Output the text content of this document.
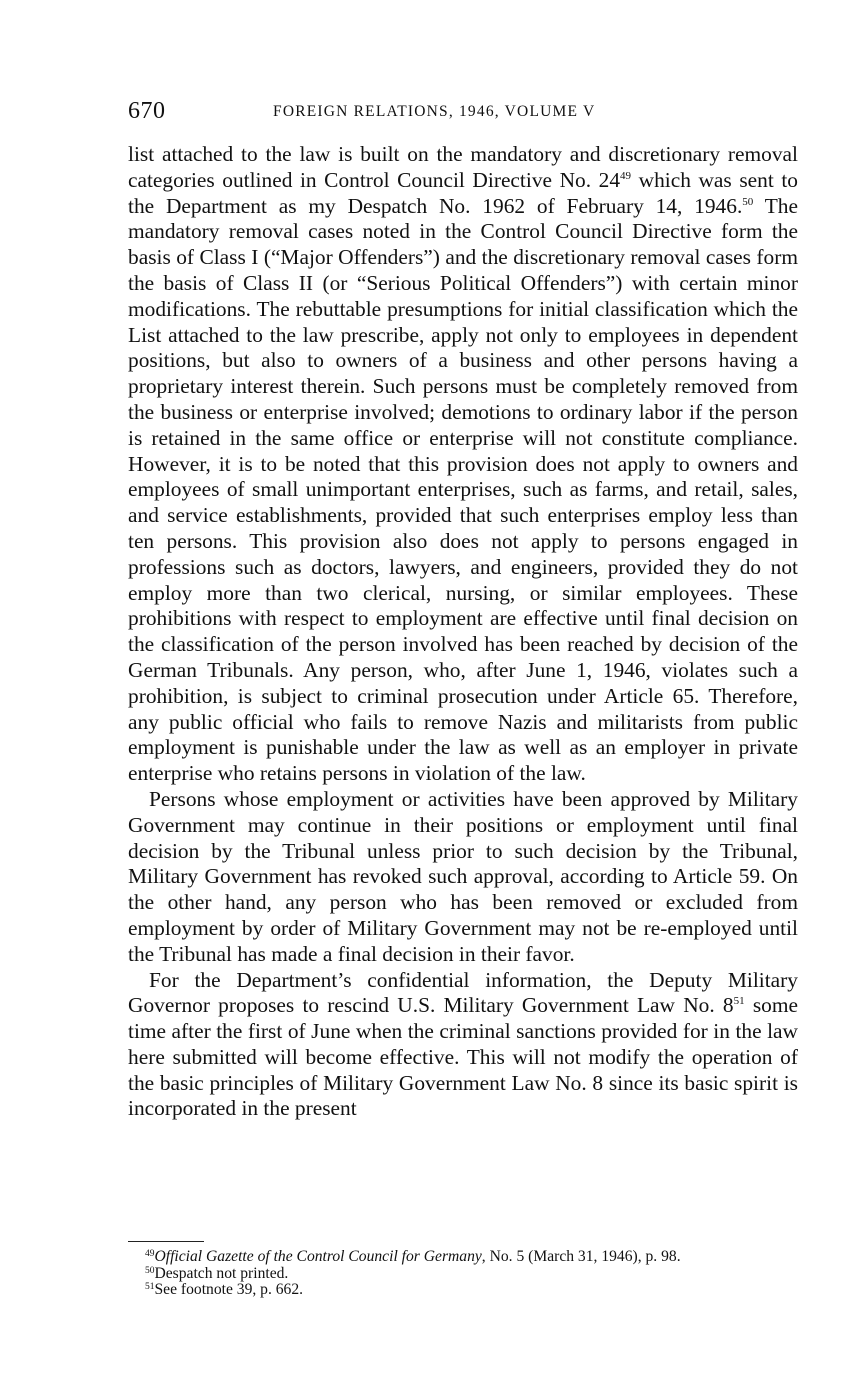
670	FOREIGN RELATIONS, 1946, VOLUME V

list attached to the law is built on the mandatory and discretionary removal categories outlined in Control Council Directive No. $24^{49}$ which was sent to the Department as my Despatch No. 1962 of February 14, 1946.50 The mandatory removal cases noted in the Control Council Directive form the basis of Class I (“Major Offenders”) and the discretionary removal cases form the basis of Class II (or “Serious Political Offenders”) with certain minor modifications. The rebuttable presumptions for initial classification which the List attached to the law prescribe, apply not only to employees in dependent positions, but also to owners of a business and other persons having a proprietary interest therein. Such persons must be completely removed from the business or enterprise involved; demotions to ordinary labor if the person is retained in the same office or enterprise will not constitute compliance. However, it is to be noted that this provision does not apply to owners and employees of small unimportant enterprises, such as farms, and retail, sales, and service establishments, provided that such enterprises employ less than ten persons. This provision also does not apply to persons engaged in professions such as doctors, lawyers, and engineers, provided they do not employ more than two clerical, nursing, or similar employees. These prohibitions with respect to employment are effective until final decision on the classification of the person involved has been reached by decision of the German Tribunals. Any person, who, after June 1, 1946, violates such a prohibition, is subject to criminal prosecution under Article 65. Therefore, any public official who fails to remove Nazis and militarists from public employment is punishable under the law as well as an employer in private enterprise who retains persons in violation of the law.

Persons whose employment or activities have been approved by Military Government may continue in their positions or employment until final decision by the Tribunal unless prior to such decision by the Tribunal, Military Government has revoked such approval, according to Article 59. On the other hand, any person who has been removed or excluded from employment by order of Military Government may not be re-employed until the Tribunal has made a final decision in their favor.

For the Department’s confidential information, the Deputy Military Governor proposes to rescind U.S. Military Government Law No. $8^{51}$ some time after the first of June when the criminal sanctions provided for in the law here submitted will become effective. This will not modify the operation of the basic principles of Military Government Law No. 8 since its basic spirit is incorporated in the present

$^{49}$Official Gazette of the Control Council for Germany, No. 5 (March 31, 1946), p. 98.

$^{50}$Despatch not printed.

$^{51}$See footnote 39, p. 662.
